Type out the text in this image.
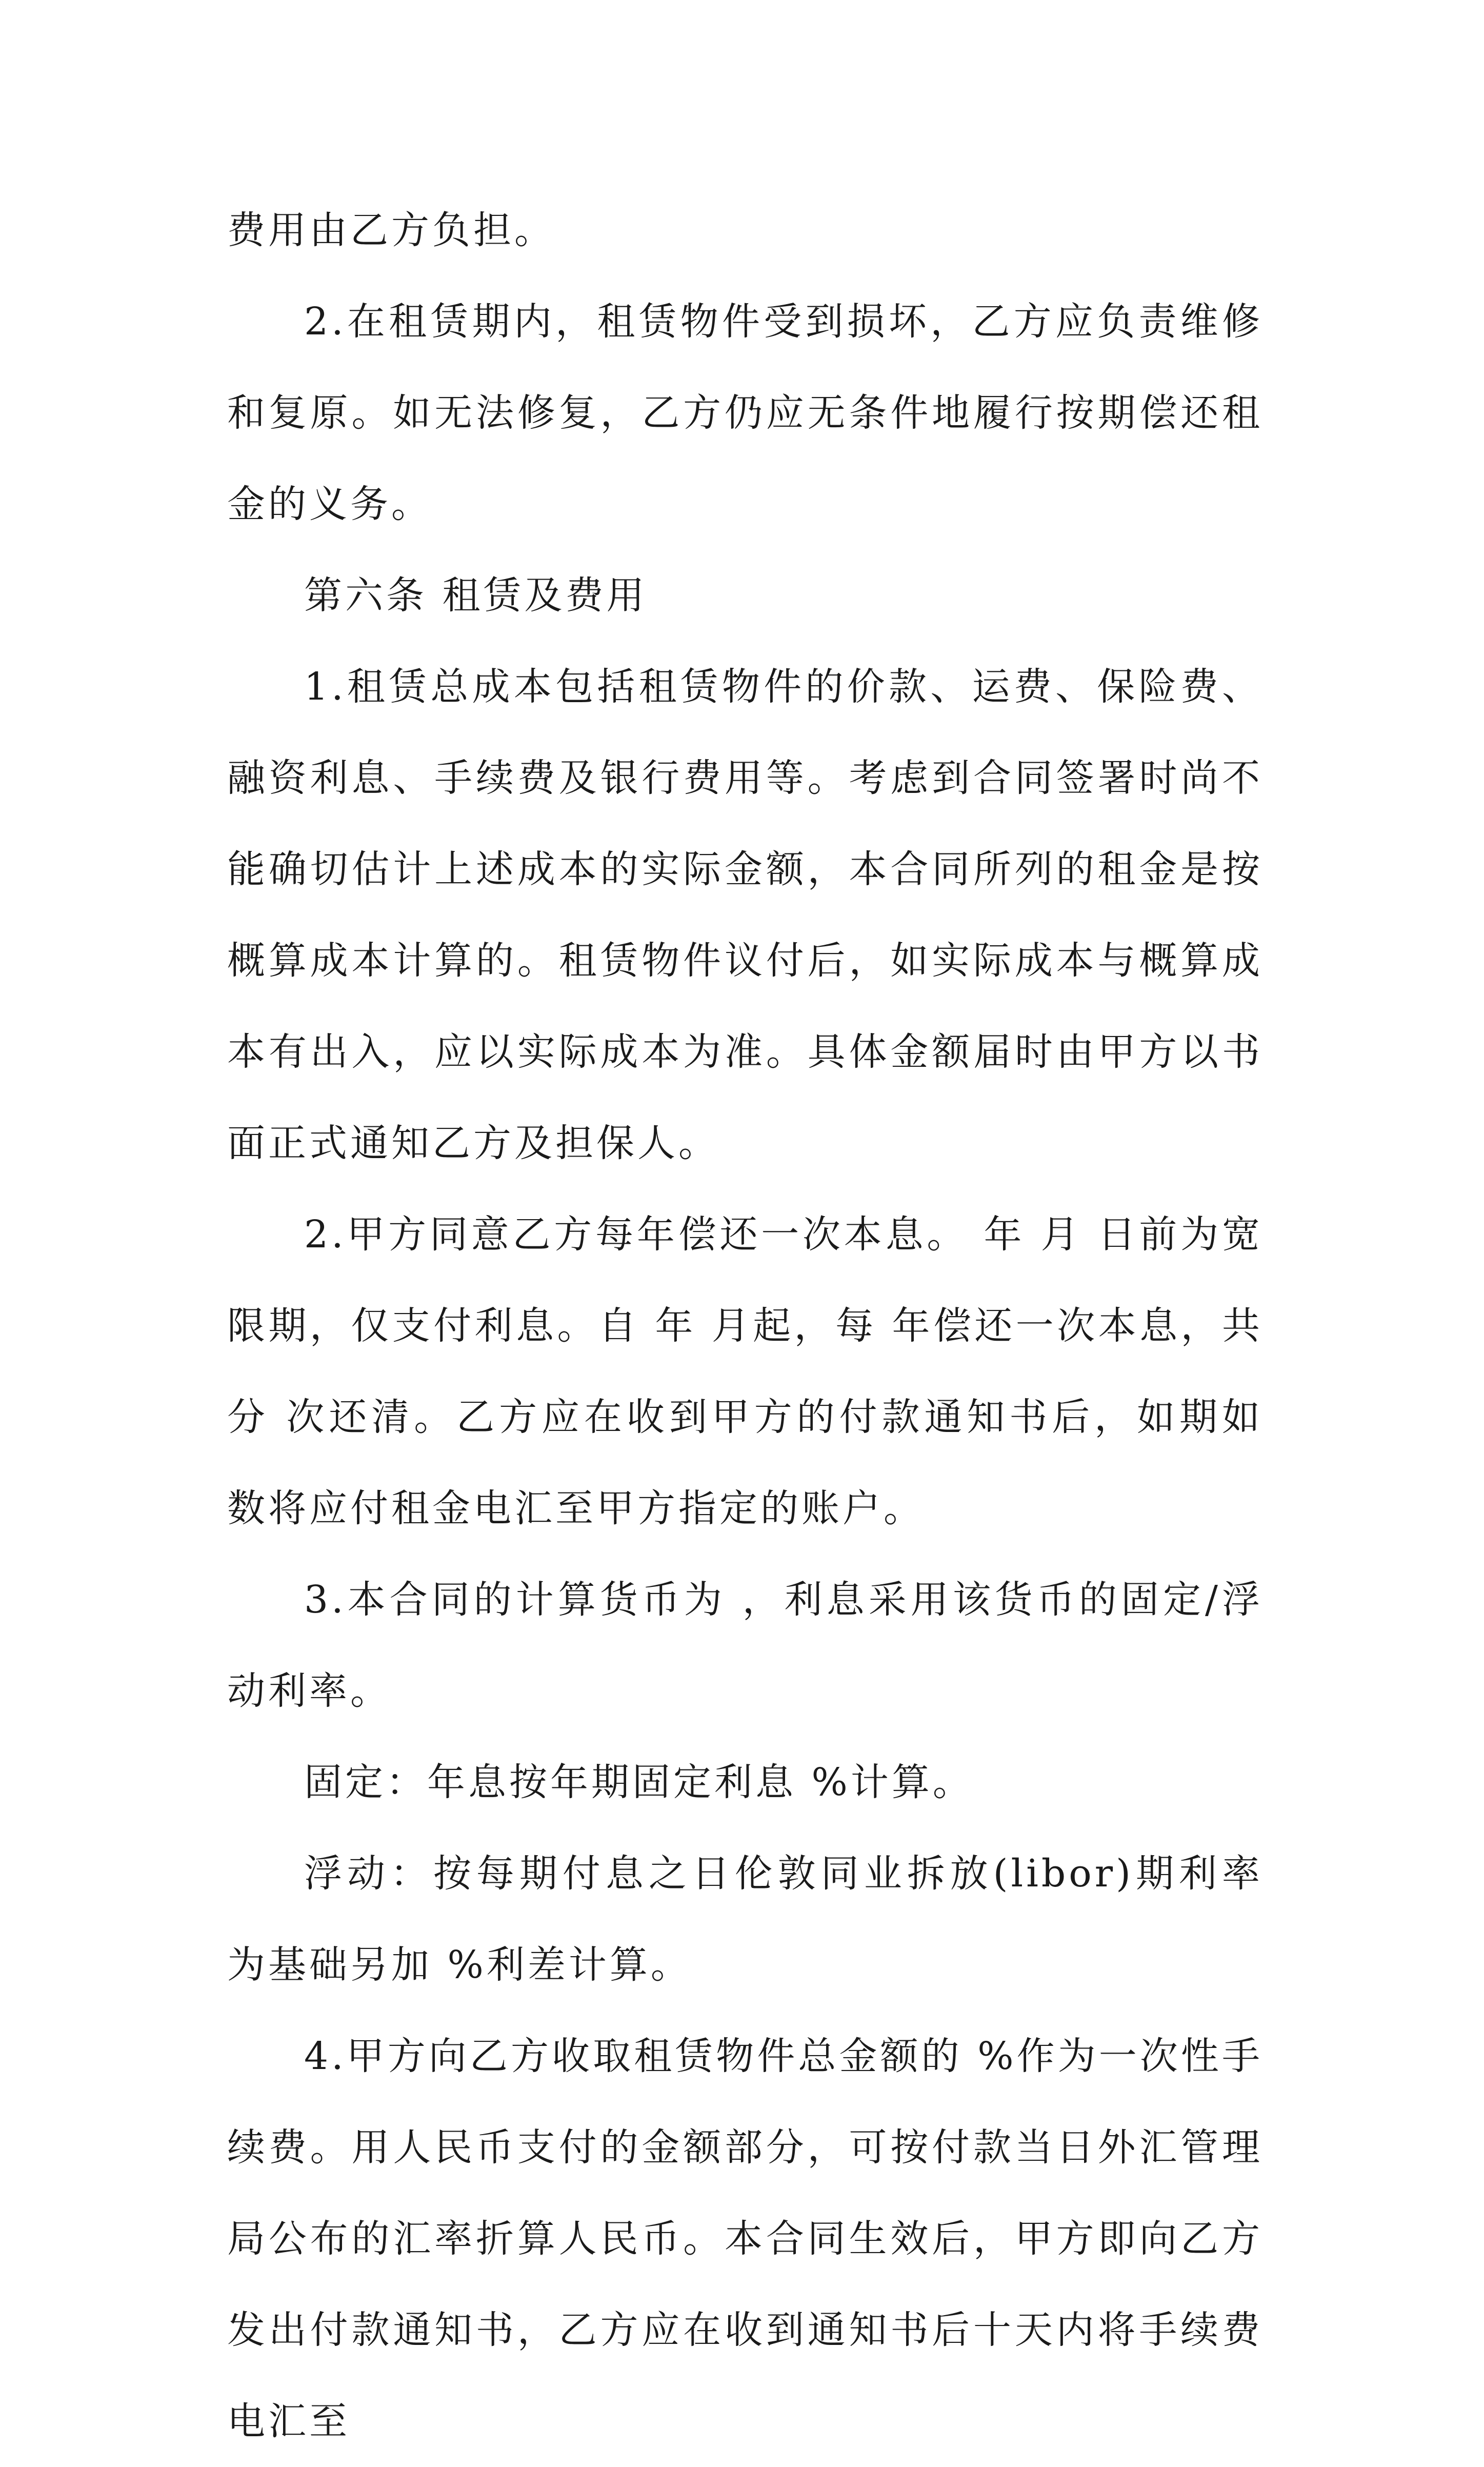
费用由乙方负担。

2.在租赁期内，租赁物件受到损坏，乙方应负责维修和复原。如无法修复，乙方仍应无条件地履行按期偿还租金的义务。

第六条 租赁及费用

1.租赁总成本包括租赁物件的价款、运费、保险费、融资利息、手续费及银行费用等。考虑到合同签署时尚不能确切估计上述成本的实际金额，本合同所列的租金是按概算成本计算的。租赁物件议付后，如实际成本与概算成本有出入，应以实际成本为准。具体金额届时由甲方以书面正式通知乙方及担保人。

2.甲方同意乙方每年偿还一次本息。 年 月 日前为宽限期，仅支付利息。自 年 月起，每 年偿还一次本息，共分 次还清。乙方应在收到甲方的付款通知书后，如期如数将应付租金电汇至甲方指定的账户。

3.本合同的计算货币为 ，利息采用该货币的固定/浮动利率。

固定：年息按年期固定利息 %计算。

浮动：按每期付息之日伦敦同业拆放(libor)期利率为基础另加 %利差计算。

4.甲方向乙方收取租赁物件总金额的 %作为一次性手续费。用人民币支付的金额部分，可按付款当日外汇管理局公布的汇率折算人民币。本合同生效后，甲方即向乙方发出付款通知书，乙方应在收到通知书后十天内将手续费电汇至
